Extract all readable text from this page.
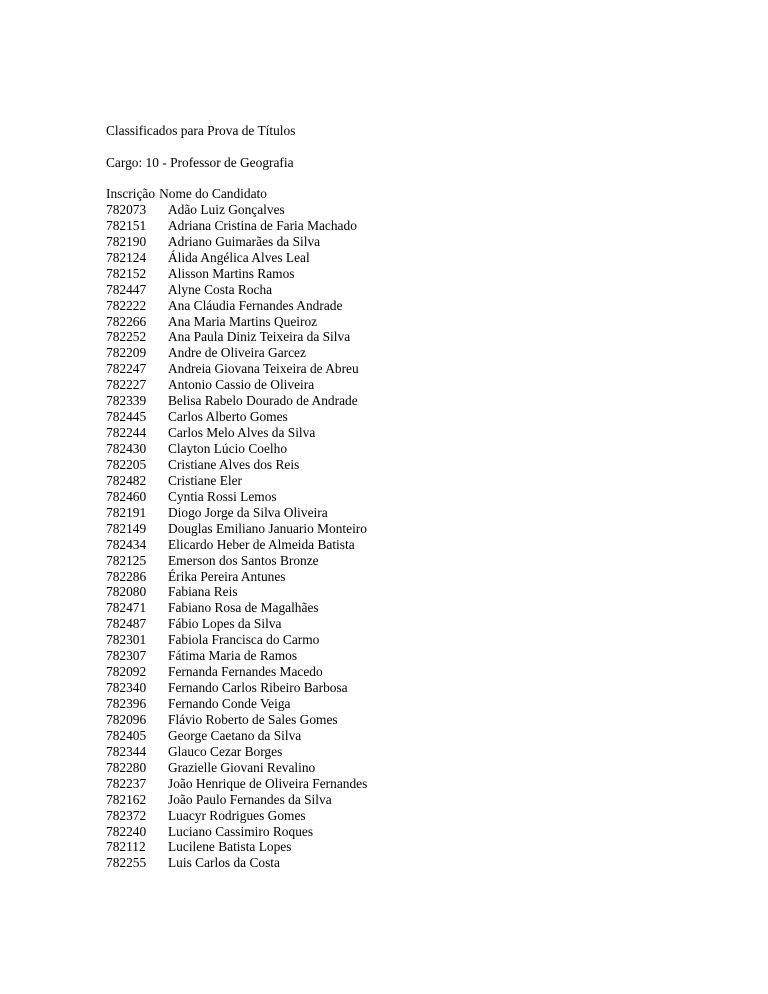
Classificados para Prova de Títulos
Cargo: 10 - Professor de Geografia
Inscrição Nome do Candidato
782073	Adão Luiz Gonçalves
782151	Adriana Cristina de Faria Machado
782190	Adriano Guimarães da Silva
782124	Álida Angélica Alves Leal
782152	Alisson Martins Ramos
782447	Alyne Costa Rocha
782222	Ana Cláudia Fernandes Andrade
782266	Ana Maria Martins Queiroz
782252	Ana Paula Diniz Teixeira da Silva
782209	Andre de Oliveira Garcez
782247	Andreia Giovana Teixeira de Abreu
782227	Antonio Cassio de Oliveira
782339	Belisa Rabelo Dourado de Andrade
782445	Carlos Alberto Gomes
782244	Carlos Melo Alves da Silva
782430	Clayton Lúcio Coelho
782205	Cristiane Alves dos Reis
782482	Cristiane Eler
782460	Cyntia Rossi Lemos
782191	Diogo Jorge da Silva Oliveira
782149	Douglas Emiliano Januario Monteiro
782434	Elicardo Heber de Almeida Batista
782125	Emerson dos Santos Bronze
782286	Érika Pereira Antunes
782080	Fabiana Reis
782471	Fabiano Rosa de Magalhães
782487	Fábio Lopes da Silva
782301	Fabiola Francisca do Carmo
782307	Fátima Maria de Ramos
782092	Fernanda Fernandes Macedo
782340	Fernando Carlos Ribeiro Barbosa
782396	Fernando Conde Veiga
782096	Flávio Roberto de Sales Gomes
782405	George Caetano da Silva
782344	Glauco Cezar Borges
782280	Grazielle Giovani Revalino
782237	João Henrique de Oliveira Fernandes
782162	João Paulo Fernandes da Silva
782372	Luacyr Rodrigues Gomes
782240	Luciano Cassimiro Roques
782112	Lucilene Batista Lopes
782255	Luis Carlos da Costa
